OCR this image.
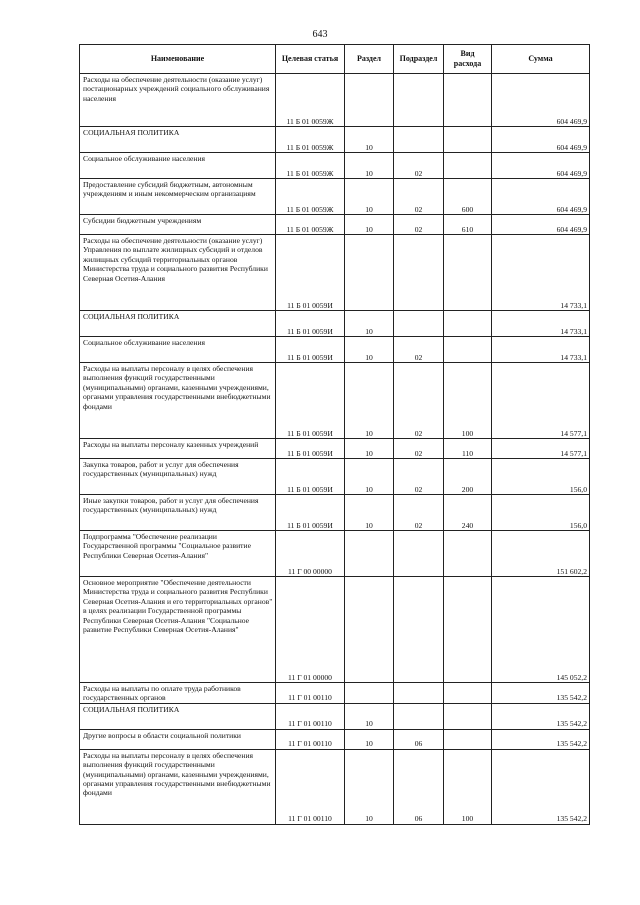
643
Наименование	Целевая статья	Раздел	Подраздел	Вид расхода	Сумма
Расходы на обеспечение деятельности (оказание услуг) постационарных учреждений социального обслуживания населения	11 Б 01 0059Ж				604 469,9
СОЦИАЛЬНАЯ ПОЛИТИКА	11 Б 01 0059Ж	10			604 469,9
Социальное обслуживание населения	11 Б 01 0059Ж	10	02		604 469,9
Предоставление субсидий бюджетным, автономным учреждениям и иным некоммерческим организациям	11 Б 01 0059Ж	10	02	600	604 469,9
Субсидии бюджетным учреждениям	11 Б 01 0059Ж	10	02	610	604 469,9
Расходы на обеспечение деятельности (оказание услуг) Управления по выплате жилищных субсидий и отделов жилищных субсидий территориальных органов Министерства труда и социального развития Республики Северная Осетия-Алания	11 Б 01 0059И				14 733,1
СОЦИАЛЬНАЯ ПОЛИТИКА	11 Б 01 0059И	10			14 733,1
Социальное обслуживание населения	11 Б 01 0059И	10	02		14 733,1
Расходы на выплаты персоналу в целях обеспечения выполнения функций государственными (муниципальными) органами, казенными учреждениями, органами управления государственными внебюджетными фондами	11 Б 01 0059И	10	02	100	14 577,1
Расходы на выплаты персоналу казенных учреждений	11 Б 01 0059И	10	02	110	14 577,1
Закупка товаров, работ и услуг для обеспечения государственных (муниципальных) нужд	11 Б 01 0059И	10	02	200	156,0
Иные закупки товаров, работ и услуг для обеспечения государственных (муниципальных) нужд	11 Б 01 0059И	10	02	240	156,0
Подпрограмма "Обеспечение реализации Государственной программы "Социальное развитие Республики Северная Осетия-Алания"	11 Г 00 00000				151 602,2
Основное мероприятие "Обеспечение деятельности Министерства труда и социального развития Республики Северная Осетия-Алания и его территориальных органов" в целях реализации Государственной программы Республики Северная Осетия-Алания "Социальное развитие Республики Северная Осетия-Алания"	11 Г 01 00000				145 052,2
Расходы на выплаты по оплате труда работников государственных органов	11 Г 01 00110				135 542,2
СОЦИАЛЬНАЯ ПОЛИТИКА	11 Г 01 00110	10			135 542,2
Другие вопросы в области социальной политики	11 Г 01 00110	10	06		135 542,2
Расходы на выплаты персоналу в целях обеспечения выполнения функций государственными (муниципальными) органами, казенными учреждениями, органами управления государственными внебюджетными фондами	11 Г 01 00110	10	06	100	135 542,2
